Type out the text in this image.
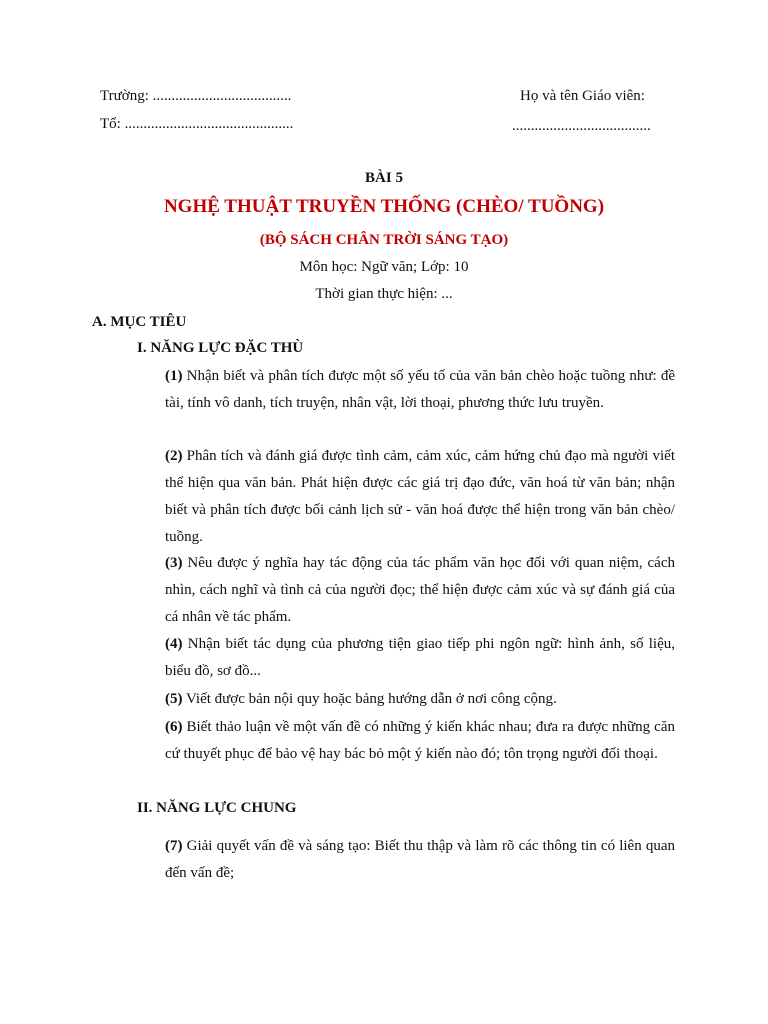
Trường: .....................................	Họ và tên Giáo viên:
Tổ: .............................................	.....................................
BÀI 5
NGHỆ THUẬT TRUYỀN THỐNG (CHÈO/ TUỒNG)
(BỘ SÁCH CHÂN TRỜI SÁNG TẠO)
Môn học: Ngữ văn; Lớp: 10
Thời gian thực hiện: ...
A. MỤC TIÊU
I. NĂNG LỰC ĐẶC THÙ

(1) Nhận biết và phân tích được một số yếu tố của văn bản chèo hoặc tuồng như: đề tài, tính vô danh, tích truyện, nhân vật, lời thoại, phương thức lưu truyền.

(2) Phân tích và đánh giá được tình cảm, cảm xúc, cảm hứng chủ đạo mà người viết thể hiện qua văn bản. Phát hiện được các giá trị đạo đức, văn hoá từ văn bản; nhận biết và phân tích được bối cảnh lịch sử - văn hoá được thể hiện trong văn bản chèo/ tuồng.

(3) Nêu được ý nghĩa hay tác động của tác phẩm văn học đối với quan niệm, cách nhìn, cách nghĩ và tình cả của người đọc; thể hiện được cảm xúc và sự đánh giá của cá nhân về tác phẩm.

(4) Nhận biết tác dụng của phương tiện giao tiếp phi ngôn ngữ: hình ảnh, số liệu, biểu đồ, sơ đồ...

(5) Viết được bản nội quy hoặc bảng hướng dẫn ở nơi công cộng.

(6) Biết thảo luận về một vấn đề có những ý kiến khác nhau; đưa ra được những căn cứ thuyết phục để bảo vệ hay bác bỏ một ý kiến nào đó; tôn trọng người đối thoại.

II. NĂNG LỰC CHUNG

(7) Giải quyết vấn đề và sáng tạo: Biết thu thập và làm rõ các thông tin có liên quan đến vấn đề;
